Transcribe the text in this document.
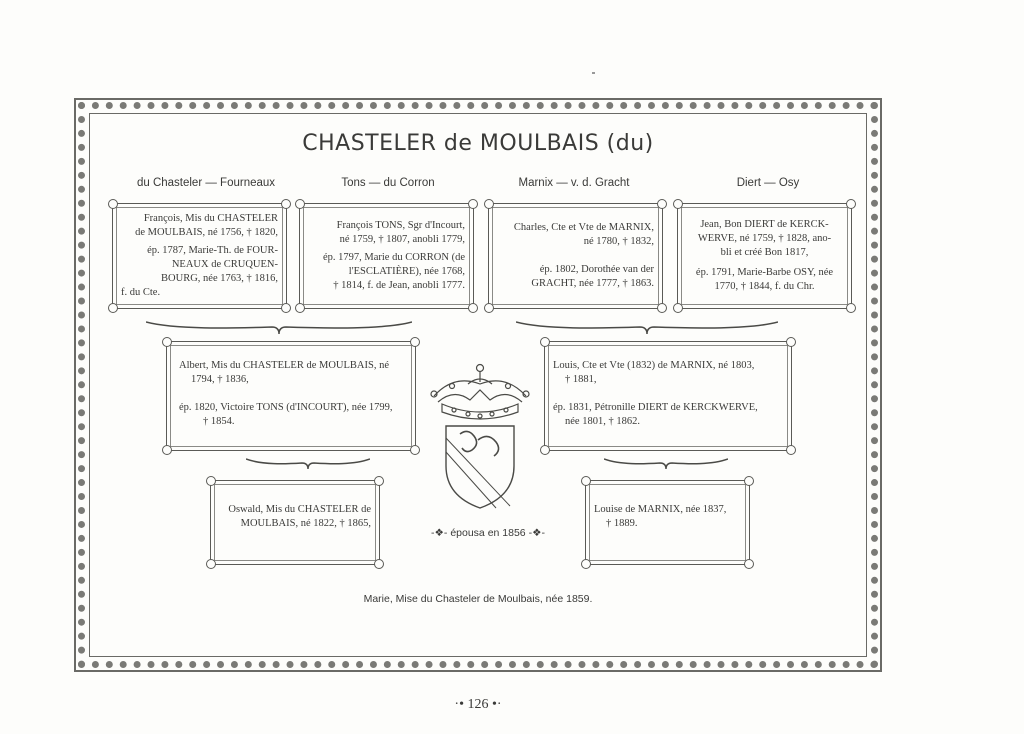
CHASTELER de MOULBAIS (du)
du Chasteler — Fourneaux	Tons — du Corron	Marnix — v. d. Gracht	Diert — Osy

François, Mis du CHASTELER

de MOULBAIS, né 1756, † 1820,

ép. 1787, Marie-Th. de FOUR-

NEAUX de CRUQUEN-

BOURG, née 1763, † 1816,

f. du Cte.

François TONS, Sgr d'Incourt,

né 1759, † 1807, anobli 1779,

ép. 1797, Marie du CORRON (de

l'ESCLATIÈRE), née 1768,

† 1814, f. de Jean, anobli 1777.

Charles, Cte et Vte de MARNIX,

né 1780, † 1832,

ép. 1802, Dorothée van der

GRACHT, née 1777, † 1863.

Jean, Bon DIERT de KERCK-

WERVE, né 1759, † 1828, ano-

bli et créé Bon 1817,

ép. 1791, Marie-Barbe OSY, née

1770, † 1844, f. du Chr.

Albert, Mis du CHASTELER de MOULBAIS, né

1794, † 1836,

ép. 1820, Victoire TONS (d'INCOURT), née 1799,

† 1854.

Louis, Cte et Vte (1832) de MARNIX, né 1803,

† 1881,

ép. 1831, Pétronille DIERT de KERCKWERVE,

née 1801, † 1862.

Oswald, Mis du CHASTELER de

MOULBAIS, né 1822, † 1865,

Louise de MARNIX, née 1837,

† 1889.

-❖- épousa en 1856 -❖-
Marie, Mise du Chasteler de Moulbais, née 1859.
·• 126 •·
